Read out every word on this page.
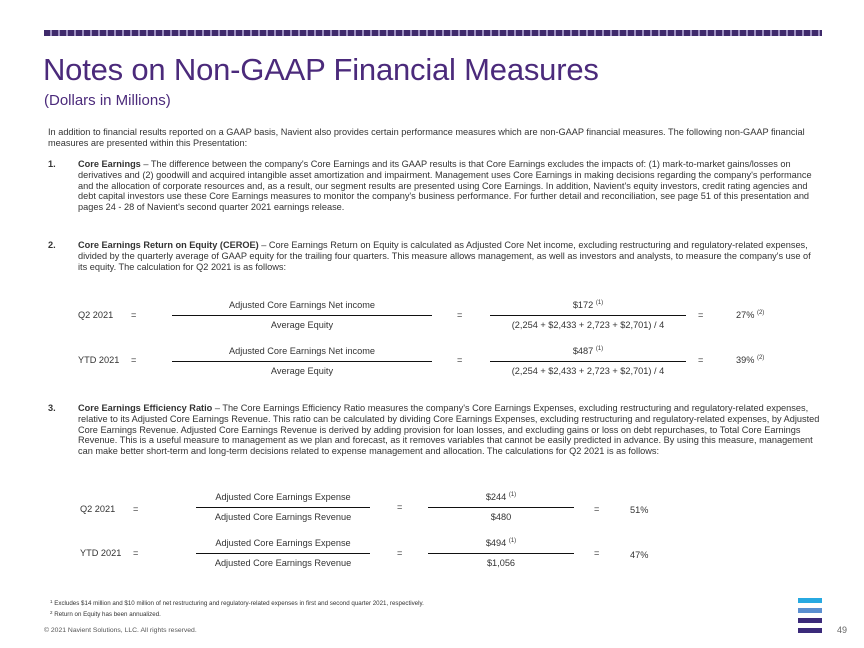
Notes on Non-GAAP Financial Measures
(Dollars in Millions)
In addition to financial results reported on a GAAP basis, Navient also provides certain performance measures which are non-GAAP financial measures. The following non-GAAP financial measures are presented within this Presentation:
1. Core Earnings – The difference between the company's Core Earnings and its GAAP results is that Core Earnings excludes the impacts of: (1) mark-to-market gains/losses on derivatives and (2) goodwill and acquired intangible asset amortization and impairment. Management uses Core Earnings in making decisions regarding the company's performance and the allocation of corporate resources and, as a result, our segment results are presented using Core Earnings. In addition, Navient's equity investors, credit rating agencies and debt capital investors use these Core Earnings measures to monitor the company's business performance. For further detail and reconciliation, see page 51 of this presentation and pages 24 - 28 of Navient's second quarter 2021 earnings release.
2. Core Earnings Return on Equity (CEROE) – Core Earnings Return on Equity is calculated as Adjusted Core Net income, excluding restructuring and regulatory-related expenses, divided by the quarterly average of GAAP equity for the trailing four quarters. This measure allows management, as well as investors and analysts, to measure the company's use of its equity. The calculation for Q2 2021 is as follows:
Q2 2021 =
Adjusted Core Earnings Net income
Average Equity
=
$172 $^{(1)}$
(2,254 + $2,433 + 2,723 + $2,701) / 4
=	27% $^{(2)}$
YTD 2021 =
Adjusted Core Earnings Net income
Average Equity
=
$487 $^{(1)}$
(2,254 + $2,433 + 2,723 + $2,701) / 4
=	39% $^{(2)}$
3. Core Earnings Efficiency Ratio – The Core Earnings Efficiency Ratio measures the company's Core Earnings Expenses, excluding restructuring and regulatory-related expenses, relative to its Adjusted Core Earnings Revenue. This ratio can be calculated by dividing Core Earnings Expenses, excluding restructuring and regulatory-related expenses, by Adjusted Core Earnings Revenue. Adjusted Core Earnings Revenue is derived by adding provision for loan losses, and excluding gains or loss on debt repurchases, to Total Core Earnings Revenue. This is a useful measure to management as we plan and forecast, as it removes variables that cannot be easily predicted in advance. By using this measure, management can make better short-term and long-term decisions related to expense management and allocation. The calculations for Q2 2021 is as follows:
Q2 2021 =
Adjusted Core Earnings Expense
Adjusted Core Earnings Revenue
=
$244 $^{(1)}$
$480
=	51%
YTD 2021 =
Adjusted Core Earnings Expense
Adjusted Core Earnings Revenue
=
$494 $^{(1)}$
$1,056
=	47%
$^1$ Excludes $14 million and $10 million of net restructuring and regulatory-related expenses in first and second quarter 2021, respectively.
$^2$ Return on Equity has been annualized.
© 2021 Navient Solutions, LLC. All rights reserved.	49
